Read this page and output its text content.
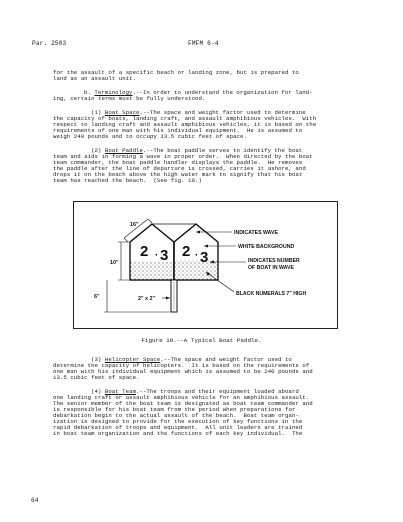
Par. 2503	FMFM 6-4

for the assault of a specific beach or landing zone, but is prepared to

land as an assault unit.

b. Terminology.--In order to understand the organization for land-

ing, certain terms must be fully understood.

(1) Boat Space.--The space and weight factor used to determine

the capacity of boats, landing craft, and assault amphibious vehicles.  With

respect to landing craft and assault amphibious vehicles, it is based on the

requirements of one man with his individual equipment.  He is assumed to

weigh 240 pounds and to occupy 13.5 cubic feet of space.

(2) Boat Paddle.--The boat paddle serves to identify the boat

team and aids in forming a wave in proper order.  When directed by the boat

team commander, the boat paddle handler displays the paddle.  He removes

the paddle after the line of departure is crossed, carries it ashore, and

drops it on the beach above the high water mark to signify that his boat

team has reached the beach.  (See fig. 10.)

2 · 3 2 · 3
16"
10"
6"	2" x 2"
INDICATES WAVE
WHITE BACKGROUND
INDICATES NUMBER
OF BOAT IN WAVE
BLACK NUMERALS 7" HIGH
Figure 10.--A Typical Boat Paddle.

(3) Helicopter Space.--The space and weight factor used to

determine the capacity of helicopters.  It is based on the requirements of

one man with his individual equipment which is assumed to be 240 pounds and

13.5 cubic feet of space.

(4) Boat Team.--The troops and their equipment loaded aboard

one landing craft or assault amphibious vehicle for an amphibious assault.

The senior member of the boat team is designated as boat team commander and

is responsible for his boat team from the period when preparations for

debarkation begin to the actual assault of the beach.  Boat team organ-

ization is designed to provide for the execution of key functions in the

rapid debarkation of troops and equipment.  All unit leaders are trained

in boat team organization and the functions of each key individual.  The

64
